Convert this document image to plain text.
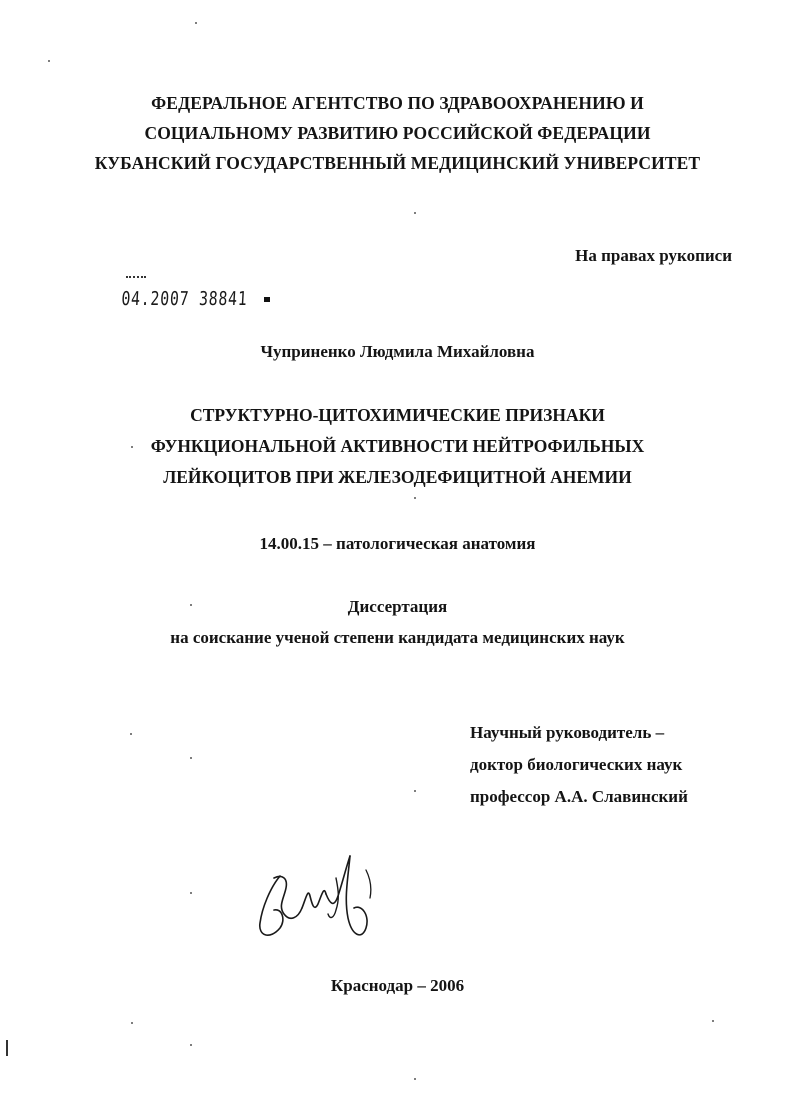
ФЕДЕРАЛЬНОЕ АГЕНТСТВО ПО ЗДРАВООХРАНЕНИЮ И
СОЦИАЛЬНОМУ РАЗВИТИЮ РОССИЙСКОЙ ФЕДЕРАЦИИ
КУБАНСКИЙ ГОСУДАРСТВЕННЫЙ МЕДИЦИНСКИЙ УНИВЕРСИТЕТ
На правах рукописи
04.2007 38841
Чуприненко Людмила Михайловна
СТРУКТУРНО-ЦИТОХИМИЧЕСКИЕ ПРИЗНАКИ
ФУНКЦИОНАЛЬНОЙ АКТИВНОСТИ НЕЙТРОФИЛЬНЫХ
ЛЕЙКОЦИТОВ ПРИ ЖЕЛЕЗОДЕФИЦИТНОЙ АНЕМИИ
14.00.15 – патологическая анатомия
Диссертация
на соискание ученой степени кандидата медицинских наук
Научный руководитель –
доктор биологических наук
профессор А.А. Славинский
Краснодар – 2006
